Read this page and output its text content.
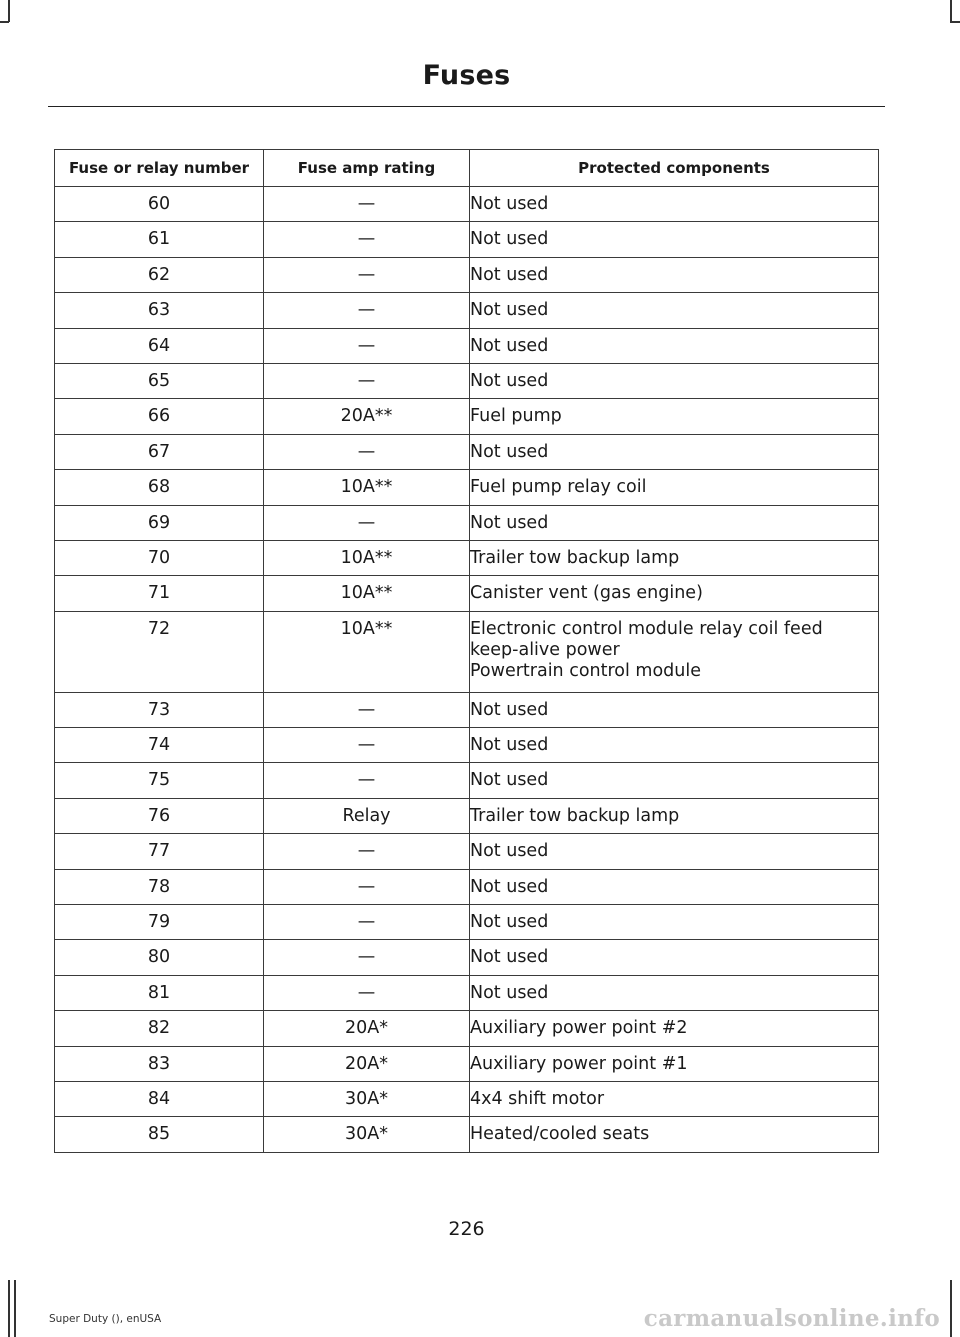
Fuses
Fuse or relay number	Fuse amp rating	Protected components
60	—	Not used

61	—	Not used

62	—	Not used

63	—	Not used

64	—	Not used

65	—	Not used

66	20A**	Fuel pump

67	—	Not used

68	10A**	Fuel pump relay coil

69	—	Not used

70	10A**	Trailer tow backup lamp

71	10A**	Canister vent (gas engine)

72	10A**	Electronic control module relay coil feed
keep-alive power
Powertrain control module

73	—	Not used

74	—	Not used

75	—	Not used

76	Relay	Trailer tow backup lamp

77	—	Not used

78	—	Not used

79	—	Not used

80	—	Not used

81	—	Not used

82	20A*	Auxiliary power point #2

83	20A*	Auxiliary power point #1

84	30A*	4x4 shift motor

85	30A*	Heated/cooled seats
226
Super Duty (), enUSA	carmanualsonline.info
